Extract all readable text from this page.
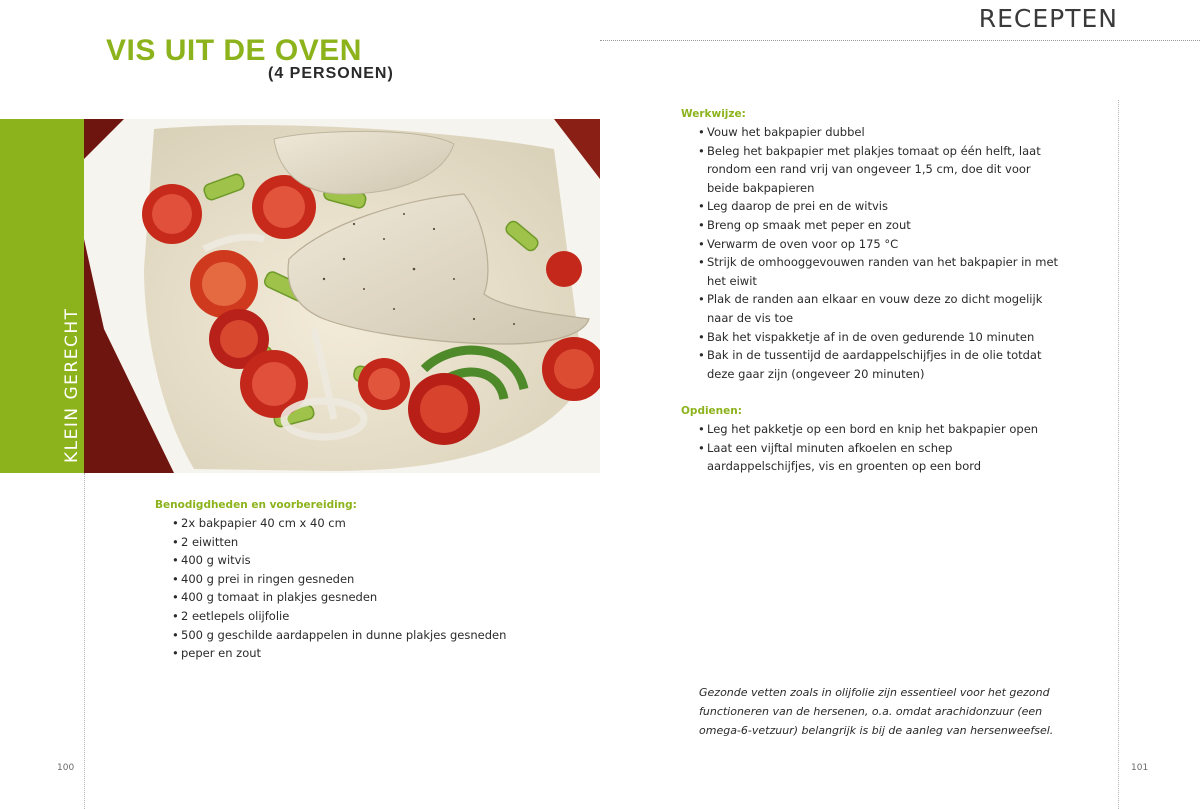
RECEPTEN
VIS UIT DE OVEN
(4 PERSONEN)
KLEIN GERECHT
Benodigdheden en voorbereiding:
• 2x bakpapier 40 cm x 40 cm
• 2 eiwitten
• 400 g witvis
• 400 g prei in ringen gesneden
• 400 g tomaat in plakjes gesneden
• 2 eetlepels olijfolie
• 500 g geschilde aardappelen in dunne plakjes gesneden
• peper en zout
Werkwijze:
• Vouw het bakpapier dubbel
• Beleg het bakpapier met plakjes tomaat op één helft, laat rondom een rand vrij van ongeveer 1,5 cm, doe dit voor beide bakpapieren
• Leg daarop de prei en de witvis
• Breng op smaak met peper en zout
• Verwarm de oven voor op 175 °C
• Strijk de omhooggevouwen randen van het bakpapier in met het eiwit
• Plak de randen aan elkaar en vouw deze zo dicht mogelijk naar de vis toe
• Bak het vispakketje af in de oven gedurende 10 minuten
• Bak in de tussentijd de aardappelschijfjes in de olie totdat deze gaar zijn (ongeveer 20 minuten)
Opdienen:
• Leg het pakketje op een bord en knip het bakpapier open
• Laat een vijftal minuten afkoelen en schep aardappelschijfjes, vis en groenten op een bord
Gezonde vetten zoals in olijfolie zijn essentieel voor het gezond functioneren van de hersenen, o.a. omdat arachidonzuur (een omega-6-vetzuur) belangrijk is bij de aanleg van hersenweefsel.
100	101
